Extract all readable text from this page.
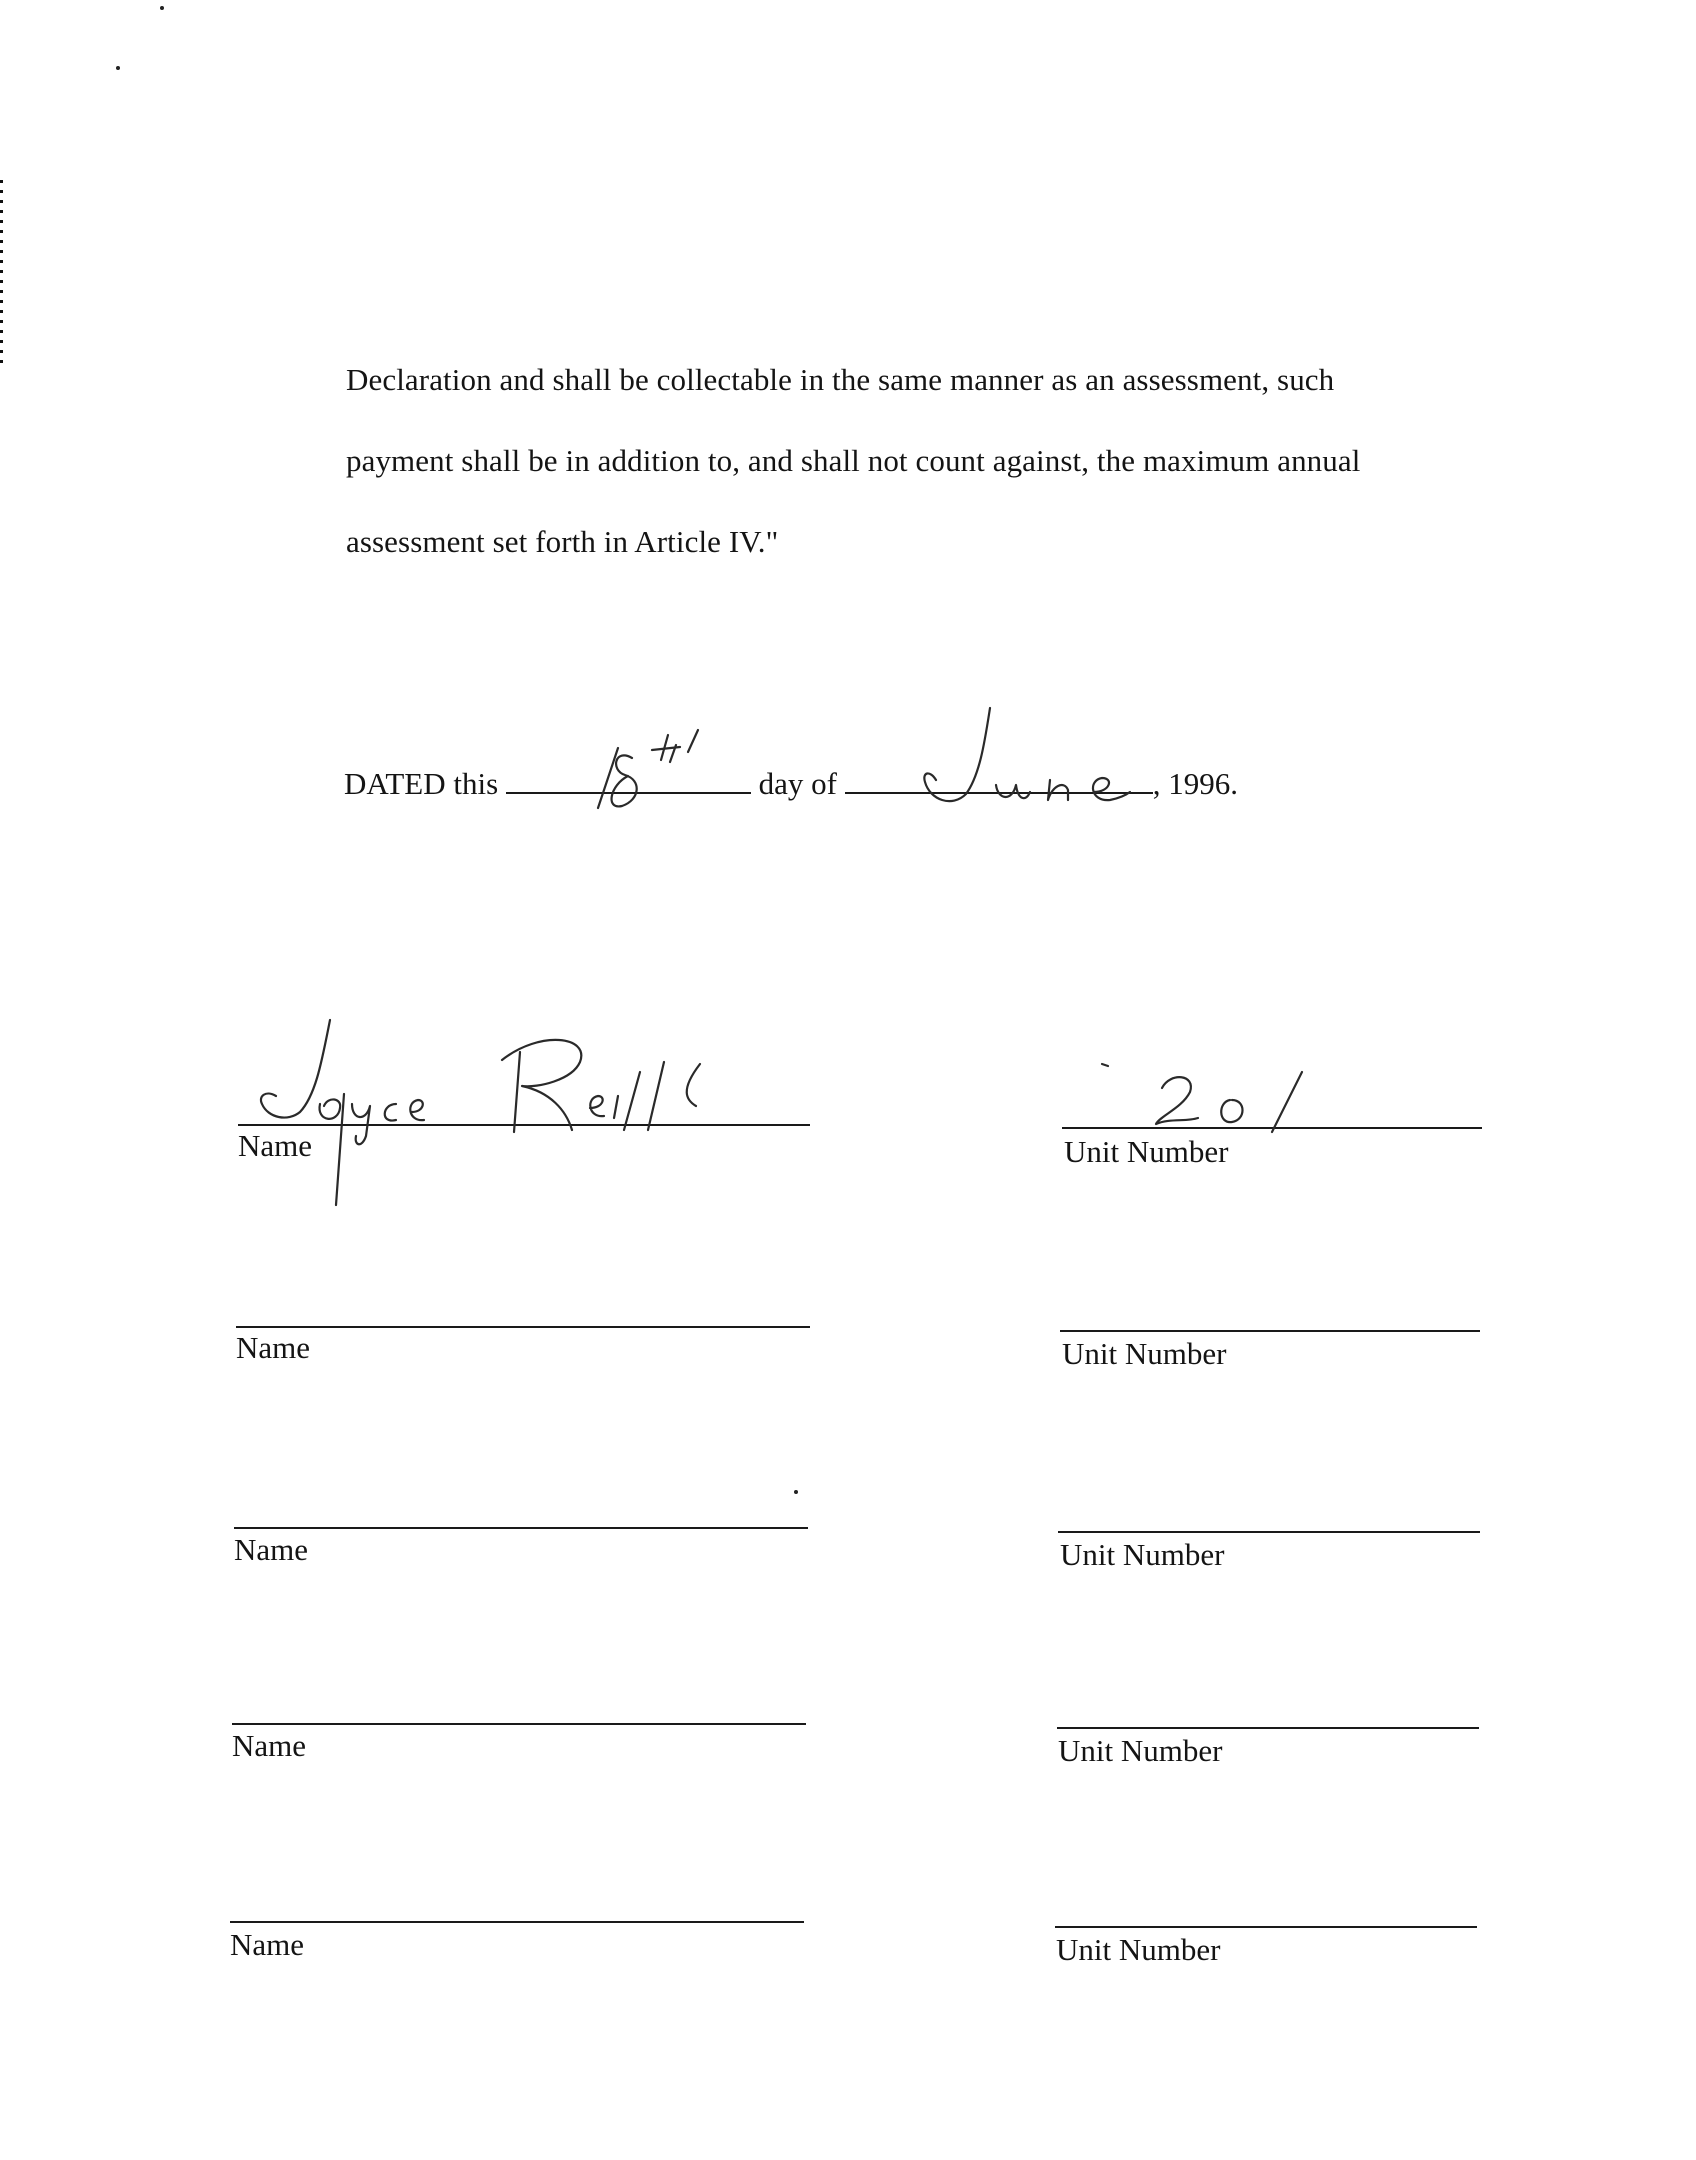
Declaration and shall be collectable in the same manner as an assessment, such
payment shall be in addition to, and shall not count against, the maximum annual
assessment set forth in Article IV."
DATED this	day of	, 1996.
Name	Unit Number
Name	Unit Number
Name	Unit Number
Name	Unit Number
Name	Unit Number
